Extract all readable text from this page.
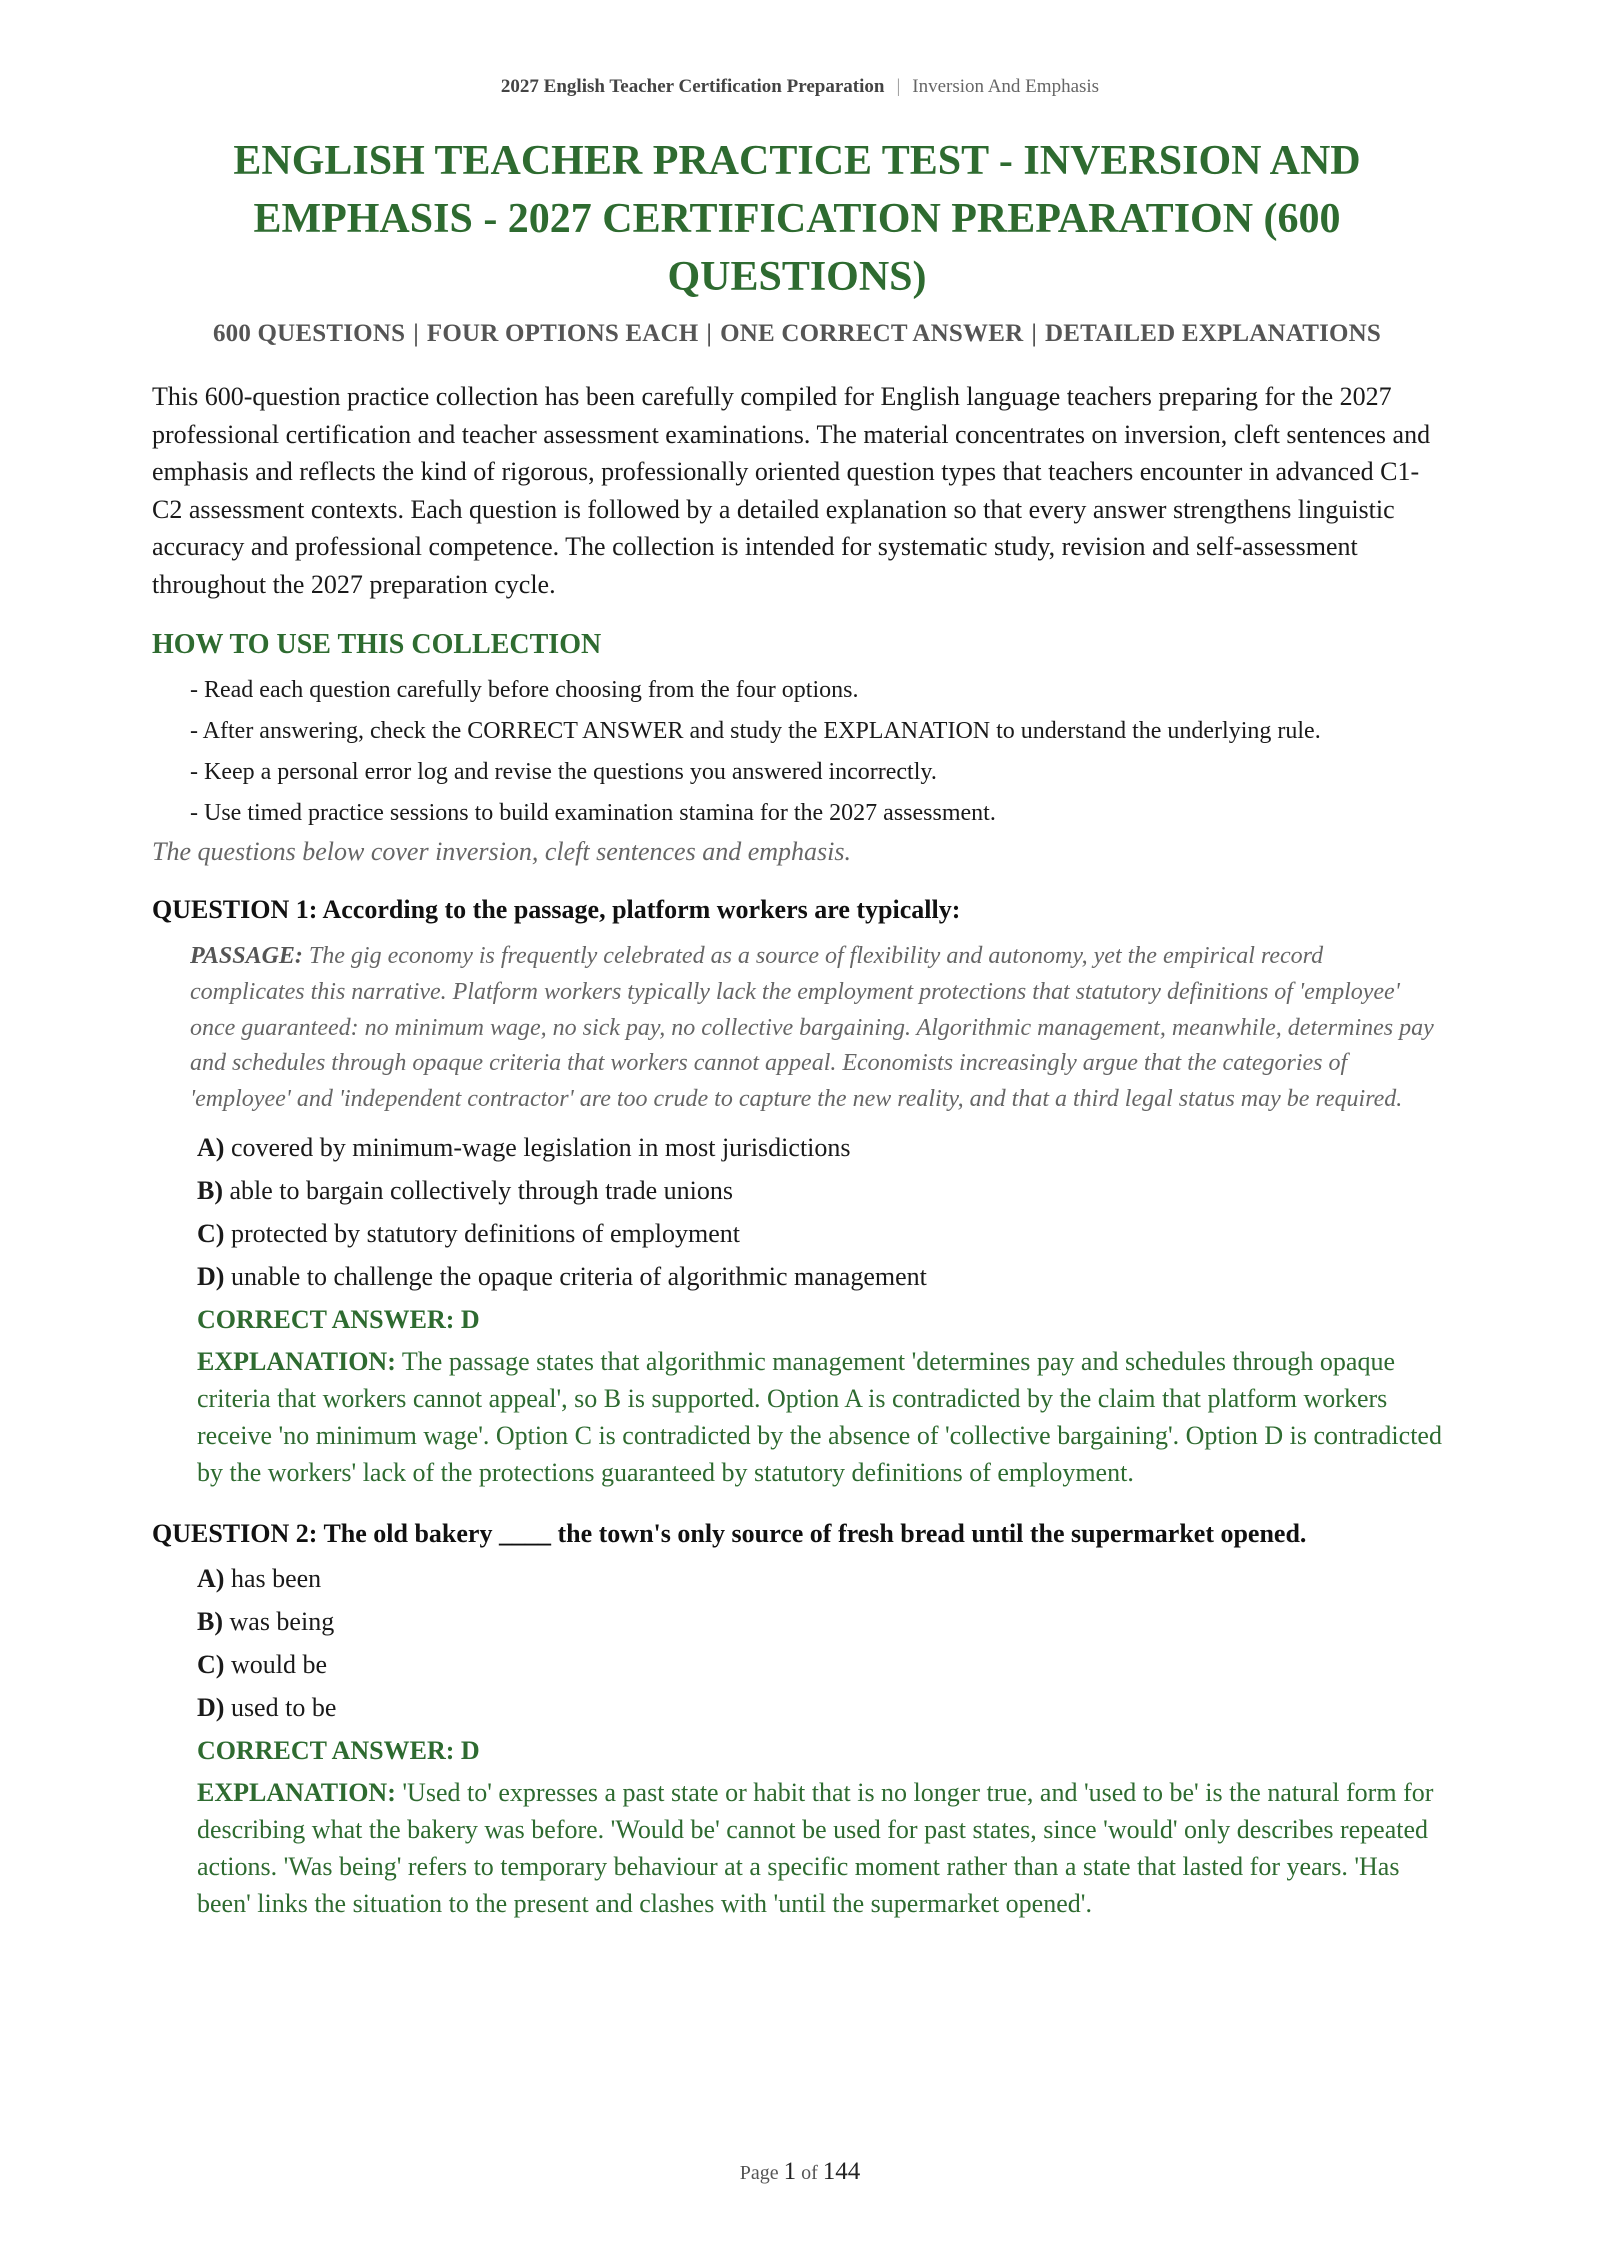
2027 English Teacher Certification Preparation | Inversion And Emphasis
ENGLISH TEACHER PRACTICE TEST - INVERSION AND EMPHASIS - 2027 CERTIFICATION PREPARATION (600 QUESTIONS)
600 QUESTIONS | FOUR OPTIONS EACH | ONE CORRECT ANSWER | DETAILED EXPLANATIONS

This 600-question practice collection has been carefully compiled for English language teachers preparing for the 2027 professional certification and teacher assessment examinations. The material concentrates on inversion, cleft sentences and emphasis and reflects the kind of rigorous, professionally oriented question types that teachers encounter in advanced C1-C2 assessment contexts. Each question is followed by a detailed explanation so that every answer strengthens linguistic accuracy and professional competence. The collection is intended for systematic study, revision and self-assessment throughout the 2027 preparation cycle.

HOW TO USE THIS COLLECTION
- Read each question carefully before choosing from the four options.
- After answering, check the CORRECT ANSWER and study the EXPLANATION to understand the underlying rule.
- Keep a personal error log and revise the questions you answered incorrectly.
- Use timed practice sessions to build examination stamina for the 2027 assessment.

The questions below cover inversion, cleft sentences and emphasis.

QUESTION 1: According to the passage, platform workers are typically:

PASSAGE: The gig economy is frequently celebrated as a source of flexibility and autonomy, yet the empirical record complicates this narrative. Platform workers typically lack the employment protections that statutory definitions of 'employee' once guaranteed: no minimum wage, no sick pay, no collective bargaining. Algorithmic management, meanwhile, determines pay and schedules through opaque criteria that workers cannot appeal. Economists increasingly argue that the categories of 'employee' and 'independent contractor' are too crude to capture the new reality, and that a third legal status may be required.

A) covered by minimum-wage legislation in most jurisdictions
B) able to bargain collectively through trade unions
C) protected by statutory definitions of employment
D) unable to challenge the opaque criteria of algorithmic management

CORRECT ANSWER: D

EXPLANATION: The passage states that algorithmic management 'determines pay and schedules through opaque criteria that workers cannot appeal', so B is supported. Option A is contradicted by the claim that platform workers receive 'no minimum wage'. Option C is contradicted by the absence of 'collective bargaining'. Option D is contradicted by the workers' lack of the protections guaranteed by statutory definitions of employment.

QUESTION 2: The old bakery ____ the town's only source of fresh bread until the supermarket opened.

A) has been
B) was being
C) would be
D) used to be

CORRECT ANSWER: D

EXPLANATION: 'Used to' expresses a past state or habit that is no longer true, and 'used to be' is the natural form for describing what the bakery was before. 'Would be' cannot be used for past states, since 'would' only describes repeated actions. 'Was being' refers to temporary behaviour at a specific moment rather than a state that lasted for years. 'Has been' links the situation to the present and clashes with 'until the supermarket opened'.

Page 1 of 144
